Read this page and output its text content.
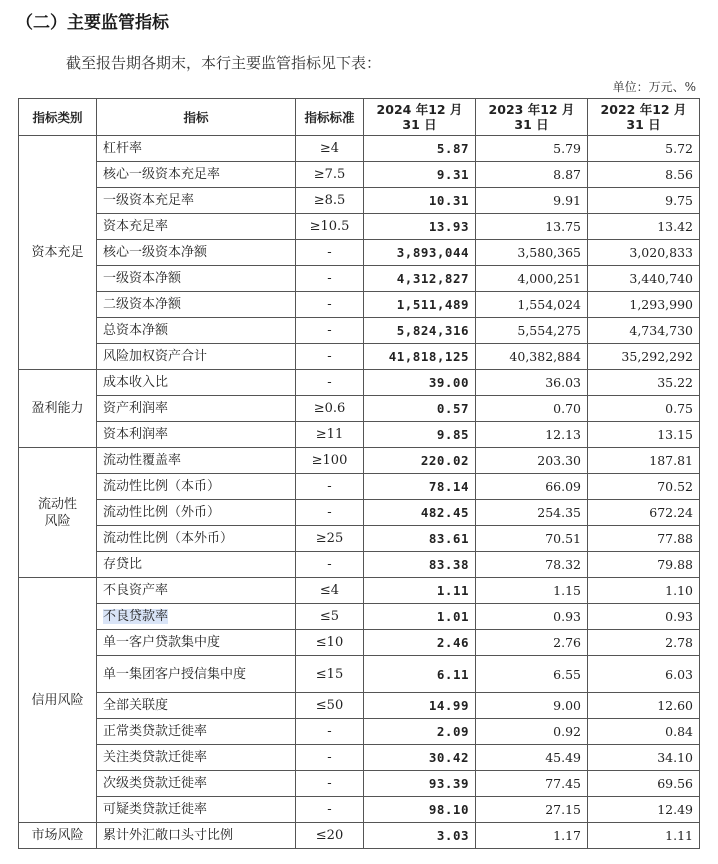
（二）主要监管指标
截至报告期各期末，本行主要监管指标见下表：
单位：万元、%
指标类别	指标	指标标准	2024 年12 月 31 日	2023 年12 月 31 日	2022 年12 月 31 日
资本充足	杠杆率	≥4	5.87	5.79	5.72
	核心一级资本充足率	≥7.5	9.31	8.87	8.56
	一级资本充足率	≥8.5	10.31	9.91	9.75
	资本充足率	≥10.5	13.93	13.75	13.42
	核心一级资本净额	-	3,893,044	3,580,365	3,020,833
	一级资本净额	-	4,312,827	4,000,251	3,440,740
	二级资本净额	-	1,511,489	1,554,024	1,293,990
	总资本净额	-	5,824,316	5,554,275	4,734,730
	风险加权资产合计	-	41,818,125	40,382,884	35,292,292
盈利能力	成本收入比	-	39.00	36.03	35.22
	资产利润率	≥0.6	0.57	0.70	0.75
	资本利润率	≥11	9.85	12.13	13.15
流动性
风险	流动性覆盖率	≥100	220.02	203.30	187.81
	流动性比例（本币）	-	78.14	66.09	70.52
	流动性比例（外币）	-	482.45	254.35	672.24
	流动性比例（本外币）	≥25	83.61	70.51	77.88
	存贷比	-	83.38	78.32	79.88
信用风险	不良资产率	≤4	1.11	1.15	1.10
	不良贷款率	≤5	1.01	0.93	0.93
	单一客户贷款集中度	≤10	2.46	2.76	2.78
	单一集团客户授信集中度	≤15	6.11	6.55	6.03
	全部关联度	≤50	14.99	9.00	12.60
	正常类贷款迁徙率	-	2.09	0.92	0.84
	关注类贷款迁徙率	-	30.42	45.49	34.10
	次级类贷款迁徙率	-	93.39	77.45	69.56
	可疑类贷款迁徙率	-	98.10	27.15	12.49
市场风险	累计外汇敞口头寸比例	≤20	3.03	1.17	1.11
